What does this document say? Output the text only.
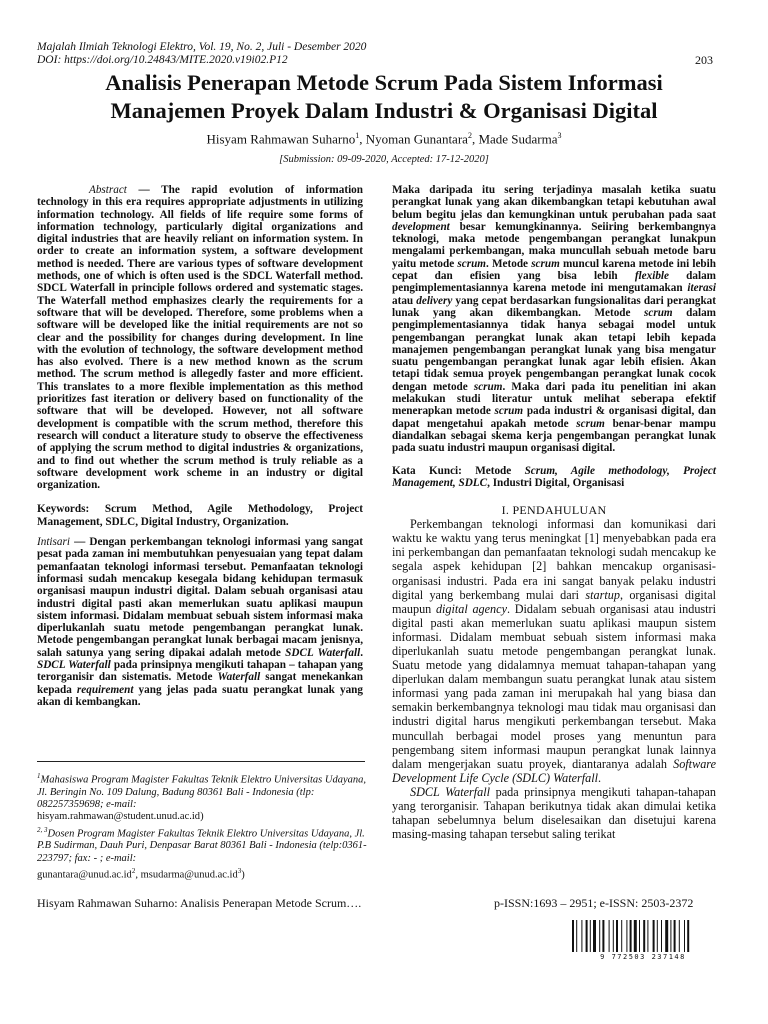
Majalah Ilmiah Teknologi Elektro, Vol. 19, No. 2, Juli - Desember 2020
DOI: https://doi.org/10.24843/MITE.2020.v19i02.P12	203
Analisis Penerapan Metode Scrum Pada Sistem Informasi
Manajemen Proyek Dalam Industri & Organisasi Digital
Hisyam Rahmawan Suharno$^1$, Nyoman Gunantara$^2$, Made Sudarma$^3$
[Submission: 09-09-2020, Accepted: 17-12-2020]

Abstract — The rapid evolution of information technology in this era requires appropriate adjustments in utilizing information technology. All fields of life require some forms of information technology, particularly digital organizations and digital industries that are heavily reliant on information system. In order to create an information system, a software development method is needed. There are various types of software development methods, one of which is often used is the SDCL Waterfall method. SDCL Waterfall in principle follows ordered and systematic stages. The Waterfall method emphasizes clearly the requirements for a software that will be developed. Therefore, some problems when a software will be developed like the initial requirements are not so clear and the possibility for changes during development. In line with the evolution of technology, the software development method has also evolved. There is a new method known as the scrum method. The scrum method is allegedly faster and more efficient. This translates to a more flexible implementation as this method prioritizes fast iteration or delivery based on functionality of the software that will be developed. However, not all software development is compatible with the scrum method, therefore this research will conduct a literature study to observe the effectiveness of applying the scrum method to digital industries & organizations, and to find out whether the scrum method is truly reliable as a software development work scheme in an industry or digital organization.

Keywords: Scrum Method, Agile Methodology, Project Management, SDLC, Digital Industry, Organization.

Intisari — Dengan perkembangan teknologi informasi yang sangat pesat pada zaman ini membutuhkan penyesuaian yang tepat dalam pemanfaatan teknologi informasi tersebut. Pemanfaatan teknologi informasi sudah mencakup kesegala bidang kehidupan termasuk organisasi maupun industri digital. Dalam sebuah organisasi atau industri digital pasti akan memerlukan suatu aplikasi maupun sistem informasi. Didalam membuat sebuah sistem informasi maka diperlukanlah suatu metode pengembangan perangkat lunak. Metode pengembangan perangkat lunak berbagai macam jenisnya, salah satunya yang sering dipakai adalah metode SDCL Waterfall. SDCL Waterfall pada prinsipnya mengikuti tahapan – tahapan yang terorganisir dan sistematis. Metode Waterfall sangat menekankan kepada requirement yang jelas pada suatu perangkat lunak yang akan di kembangkan.

$^1$Mahasiswa Program Magister Fakultas Teknik Elektro Universitas Udayana, Jl. Beringin No. 109 Dalung, Badung 80361 Bali - Indonesia (tlp: 082257359698; e-mail:
hisyam.rahmawan@student.unud.ac.id)
$^{2, 3}$Dosen Program Magister Fakultas Teknik Elektro Universitas Udayana, Jl. P.B Sudirman, Dauh Puri, Denpasar Barat 80361 Bali - Indonesia (telp:0361-223797; fax: - ; e-mail:
$gunantara@unud.ac.id^2$, $msudarma@unud.ac.id^3$)

Maka daripada itu sering terjadinya masalah ketika suatu perangkat lunak yang akan dikembangkan tetapi kebutuhan awal belum begitu jelas dan kemungkinan untuk perubahan pada saat development besar kemungkinannya. Seiiring berkembangnya teknologi, maka metode pengembangan perangkat lunakpun mengalami perkembangan, maka muncullah sebuah metode baru yaitu metode scrum. Metode scrum muncul karena metode ini lebih cepat dan efisien yang bisa lebih flexible dalam pengimplementasiannya karena metode ini mengutamakan iterasi atau delivery yang cepat berdasarkan fungsionalitas dari perangkat lunak yang akan dikembangkan. Metode scrum dalam pengimplementasiannya tidak hanya sebagai model untuk pengembangan perangkat lunak akan tetapi lebih kepada manajemen pengembangan perangkat lunak yang bisa mengatur suatu pengembangan perangkat lunak agar lebih efisien. Akan tetapi tidak semua proyek pengembangan perangkat lunak cocok dengan metode scrum. Maka dari pada itu penelitian ini akan melakukan studi literatur untuk melihat seberapa efektif menerapkan metode scrum pada industri & organisasi digital, dan dapat mengetahui apakah metode scrum benar-benar mampu diandalkan sebagai skema kerja pengembangan perangkat lunak pada suatu industri maupun organisasi digital.

Kata Kunci: Metode Scrum, Agile methodology, Project Management, SDLC, Industri Digital, Organisasi

I. PENDAHULUAN

Perkembangan teknologi informasi dan komunikasi dari waktu ke waktu yang terus meningkat [1] menyebabkan pada era ini perkembangan dan pemanfaatan teknologi sudah mencakup ke segala aspek kehidupan [2] bahkan mencakup organisasi-organisasi industri. Pada era ini sangat banyak pelaku industri digital yang berkembang mulai dari startup, organisasi digital maupun digital agency. Didalam sebuah organisasi atau industri digital pasti akan memerlukan suatu aplikasi maupun sistem informasi. Didalam membuat sebuah sistem informasi maka diperlukanlah suatu metode pengembangan perangkat lunak. Suatu metode yang didalamnya memuat tahapan-tahapan yang diperlukan dalam membangun suatu perangkat lunak atau sistem informasi yang pada zaman ini merupakah hal yang biasa dan semakin berkembangnya teknologi mau tidak mau organisasi dan industri digital harus mengikuti perkembangan tersebut. Maka muncullah berbagai model proses yang menuntun para pengembang sitem informasi maupun perangkat lunak lainnya dalam mengerjakan suatu proyek, diantaranya adalah Software Development Life Cycle (SDLC) Waterfall.

SDCL Waterfall pada prinsipnya mengikuti tahapan-tahapan yang terorganisir. Tahapan berikutnya tidak akan dimulai ketika tahapan sebelumnya belum diselesaikan dan disetujui karena masing-masing tahapan tersebut saling terikat

Hisyam Rahmawan Suharno: Analisis Penerapan Metode Scrum….	p-ISSN:1693 – 2951; e-ISSN: 2503-2372
9 772503 237148
